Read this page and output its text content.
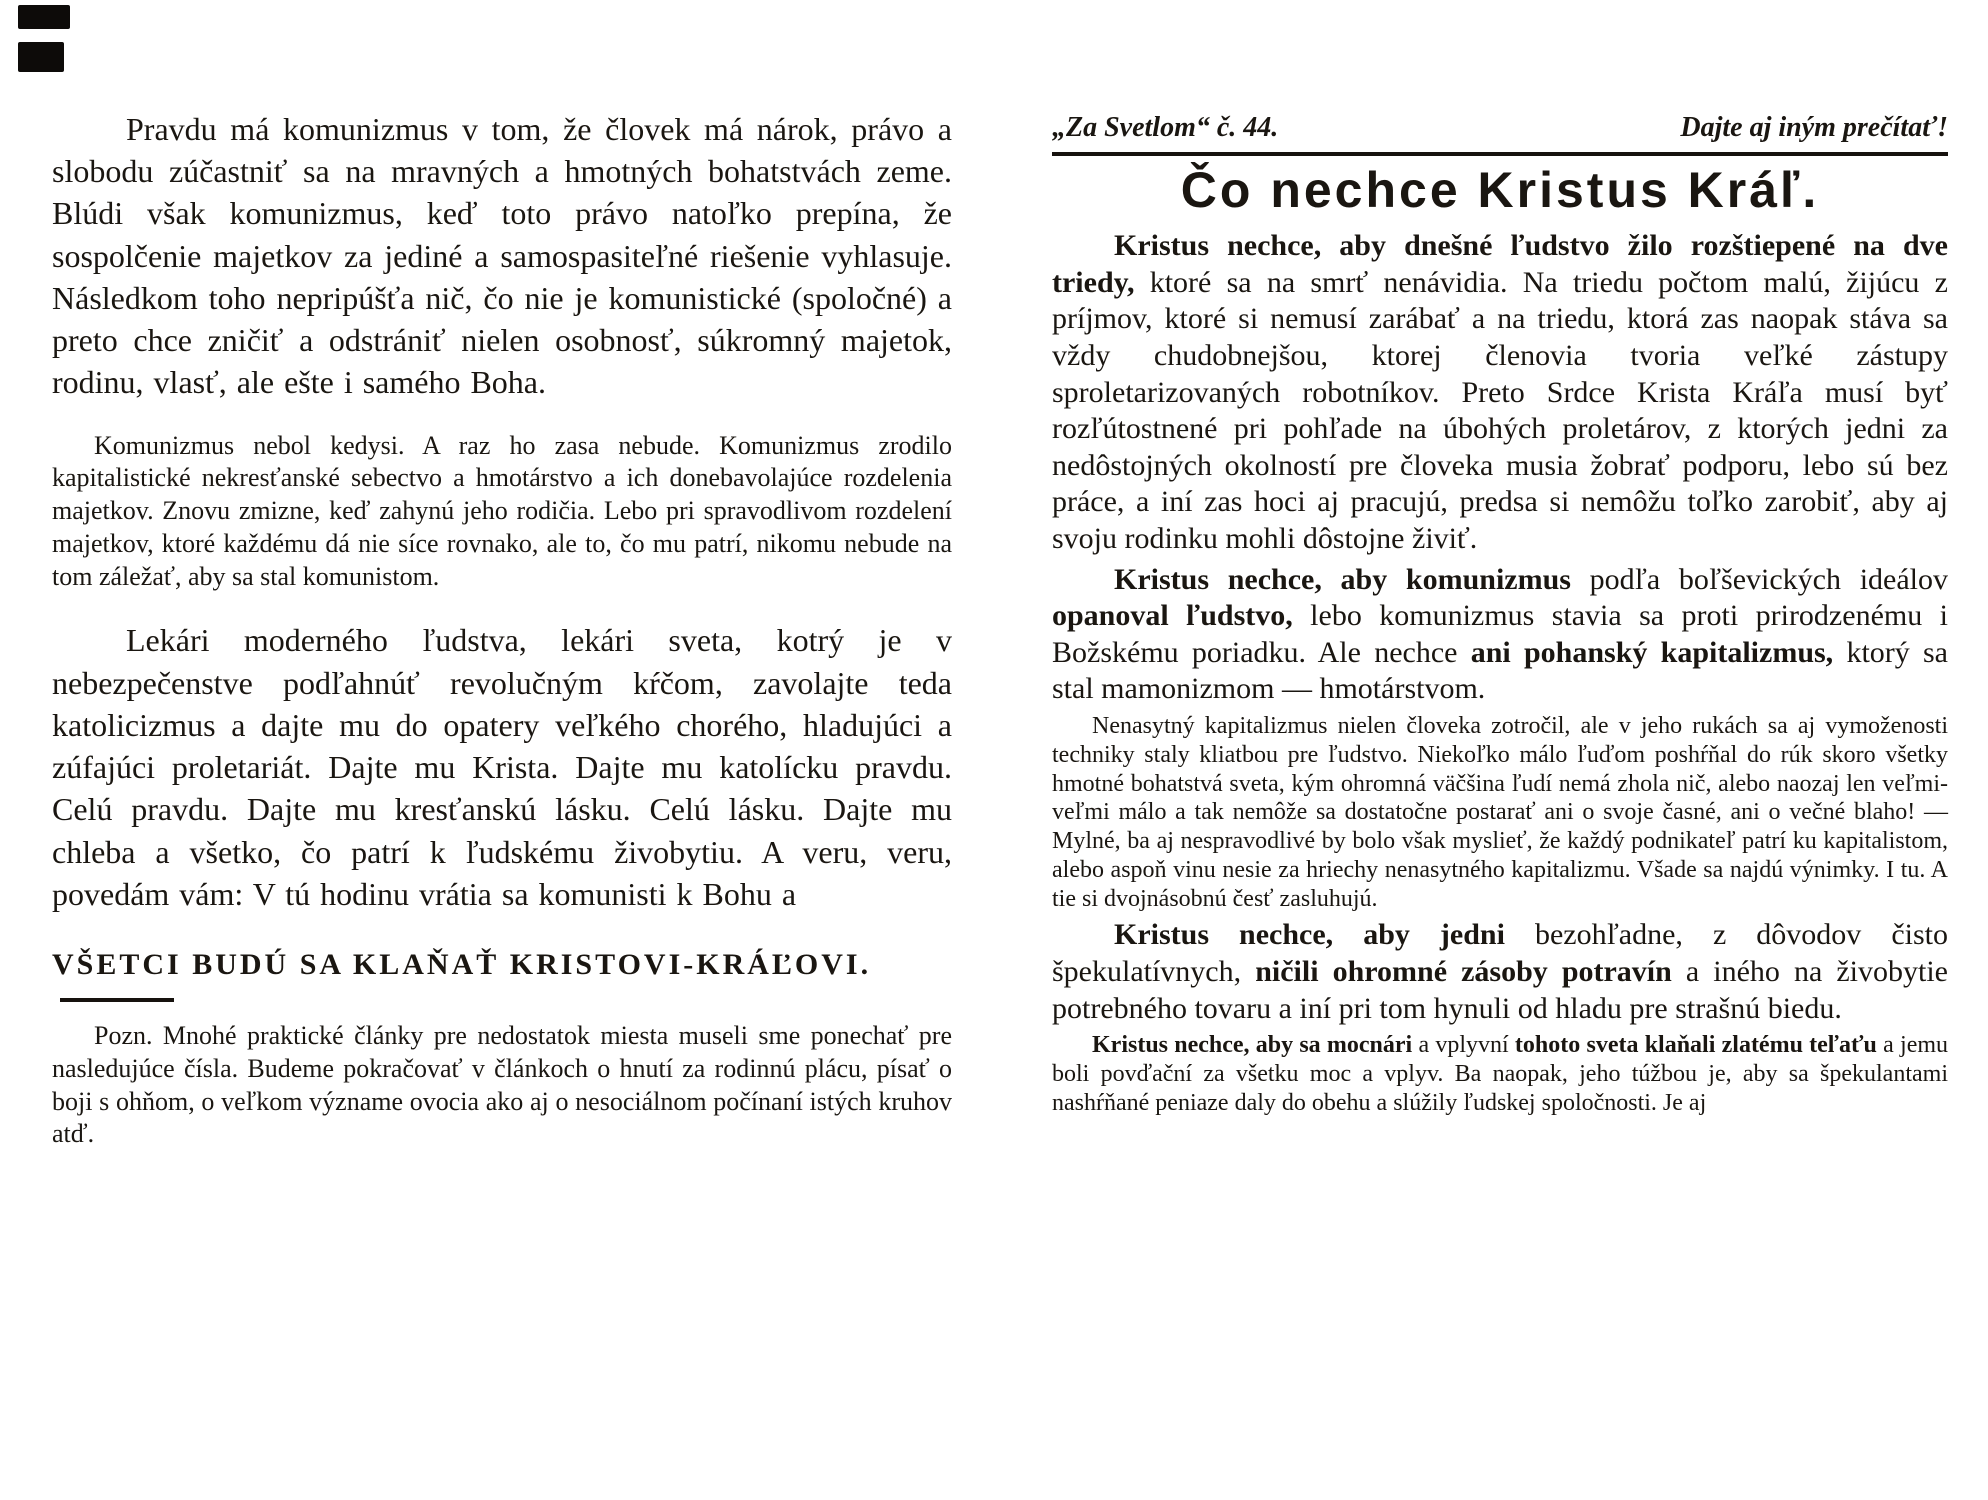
Pravdu má komunizmus v tom, že človek má nárok, právo a slobodu zúčastniť sa na mravných a hmotných bohatstvách zeme. Blúdi však komunizmus, keď toto právo natoľko prepína, že sospolčenie majetkov za jediné a samospasiteľné riešenie vyhlasuje. Následkom toho nepripúšťa nič, čo nie je komunistické (spoločné) a preto chce zničiť a odstrániť nielen osobnosť, súkromný majetok, rodinu, vlasť, ale ešte i samého Boha.

Komunizmus nebol kedysi. A raz ho zasa nebude. Komunizmus zrodilo kapitalistické nekresťanské sebectvo a hmotárstvo a ich donebavolajúce rozdelenia majetkov. Znovu zmizne, keď zahynú jeho rodičia. Lebo pri spravodlivom rozdelení majetkov, ktoré každému dá nie síce rovnako, ale to, čo mu patrí, nikomu nebude na tom záležať, aby sa stal komunistom.

Lekári moderného ľudstva, lekári sveta, kotrý je v nebezpečenstve podľahnúť revolučným kŕčom, zavolajte teda katolicizmus a dajte mu do opatery veľkého chorého, hladujúci a zúfajúci proletariát. Dajte mu Krista. Dajte mu katolícku pravdu. Celú pravdu. Dajte mu kresťanskú lásku. Celú lásku. Dajte mu chleba a všetko, čo patrí k ľudskému živobytiu. A veru, veru, povedám vám: V tú hodinu vrátia sa komunisti k Bohu a

VŠETCI BUDÚ SA KLAŇAŤ KRISTOVI-KRÁĽOVI.

Pozn. Mnohé praktické články pre nedostatok miesta museli sme ponechať pre nasledujúce čísla. Budeme pokračovať v článkoch o hnutí za rodinnú plácu, písať o boji s ohňom, o veľkom význame ovocia ako aj o nesociálnom počínaní istých kruhov atď.

„Za Svetlom“ č. 44.	Dajte aj iným prečítať!
Čo nechce Kristus Kráľ.

Kristus nechce, aby dnešné ľudstvo žilo rozštiepené na dve triedy, ktoré sa na smrť nenávidia. Na triedu počtom malú, žijúcu z príjmov, ktoré si nemusí zarábať a na triedu, ktorá zas naopak stáva sa vždy chudobnejšou, ktorej členovia tvoria veľké zástupy sproletarizovaných robotníkov. Preto Srdce Krista Kráľa musí byť rozľútostnené pri pohľade na úbohých proletárov, z ktorých jedni za nedôstojných okolností pre človeka musia žobrať podporu, lebo sú bez práce, a iní zas hoci aj pracujú, predsa si nemôžu toľko zarobiť, aby aj svoju rodinku mohli dôstojne živiť.

Kristus nechce, aby komunizmus podľa boľševických ideálov opanoval ľudstvo, lebo komunizmus stavia sa proti prirodzenému i Božskému poriadku. Ale nechce ani pohanský kapitalizmus, ktorý sa stal mamonizmom — hmotárstvom.

Nenasytný kapitalizmus nielen človeka zotročil, ale v jeho rukách sa aj vymoženosti techniky staly kliatbou pre ľudstvo. Niekoľko málo ľuďom poshŕňal do rúk skoro všetky hmotné bohatstvá sveta, kým ohromná väčšina ľudí nemá zhola nič, alebo naozaj len veľmi-veľmi málo a tak nemôže sa dostatočne postarať ani o svoje časné, ani o večné blaho! — Mylné, ba aj nespravodlivé by bolo však myslieť, že každý podnikateľ patrí ku kapitalistom, alebo aspoň vinu nesie za hriechy nenasytného kapitalizmu. Všade sa najdú výnimky. I tu. A tie si dvojnásobnú česť zasluhujú.

Kristus nechce, aby jedni bezohľadne, z dôvodov čisto špekulatívnych, ničili ohromné zásoby potravín a iného na živobytie potrebného tovaru a iní pri tom hynuli od hladu pre strašnú biedu.

Kristus nechce, aby sa mocnári a vplyvní tohoto sveta klaňali zlatému teľaťu a jemu boli povďační za všetku moc a vplyv. Ba naopak, jeho túžbou je, aby sa špekulantami nashŕňané peniaze daly do obehu a slúžily ľudskej spoločnosti. Je aj
